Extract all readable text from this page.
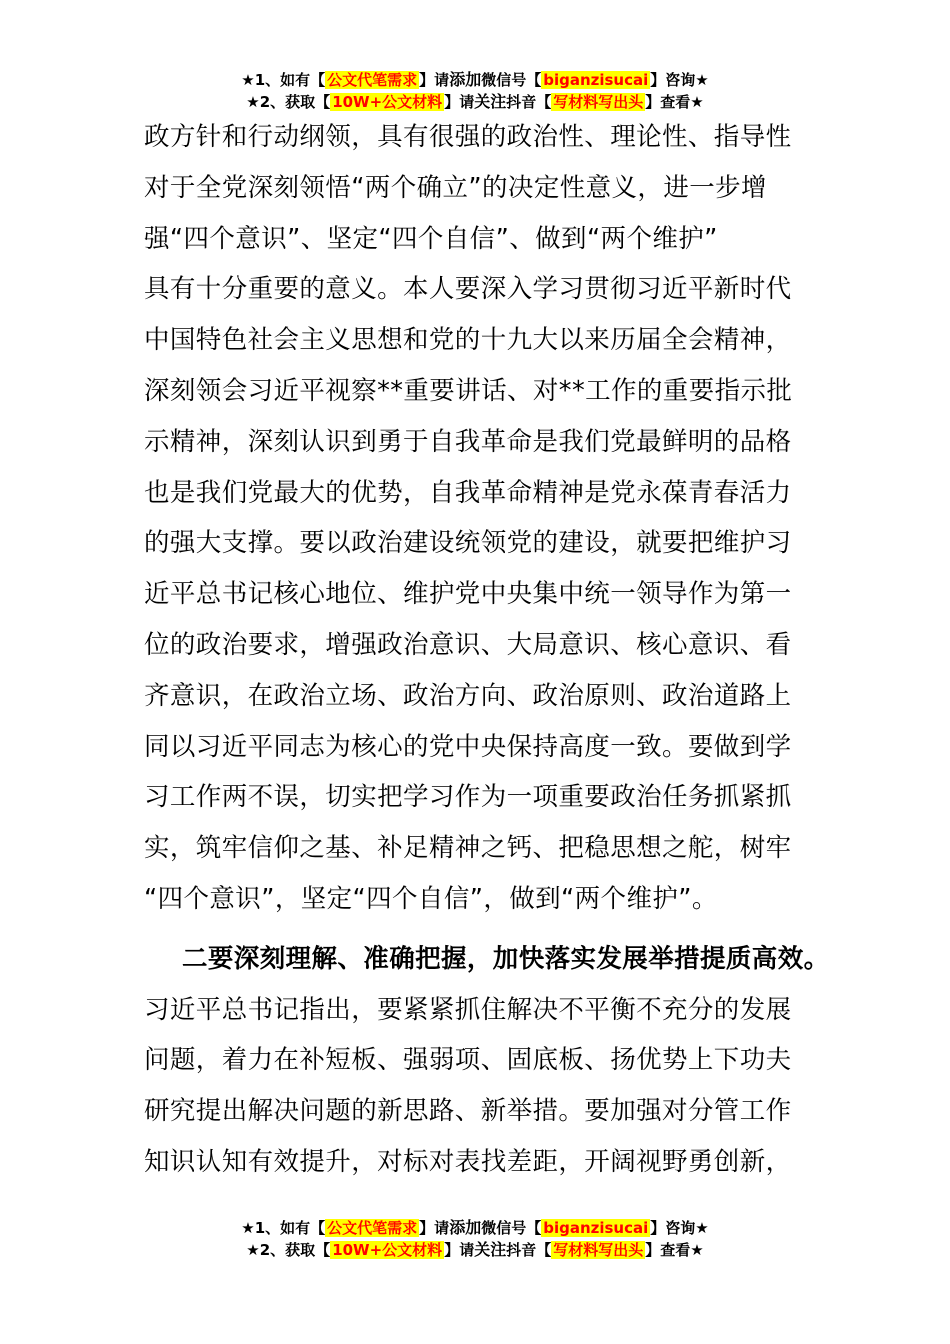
★1、如有【 公文代笔需求 】请添加微信号【 biganzisucai 】咨询★
★2、获取【 10W+公文材料 】请关注抖音【 写材料写出头 】查看★
政方针和行动纲领，具有很强的政治性、理论性、指导性
对于全党深刻领悟“两个确立”的决定性意义，进一步增
强“四个意识”、坚定“四个自信”、做到“两个维护”
具有十分重要的意义。本人要深入学习贯彻习近平新时代
中国特色社会主义思想和党的十九大以来历届全会精神，
深刻领会习近平视察**重要讲话、对**工作的重要指示批
示精神，深刻认识到勇于自我革命是我们党最鲜明的品格
也是我们党最大的优势，自我革命精神是党永葆青春活力
的强大支撑。要以政治建设统领党的建设，就要把维护习
近平总书记核心地位、维护党中央集中统一领导作为第一
位的政治要求，增强政治意识、大局意识、核心意识、看
齐意识，在政治立场、政治方向、政治原则、政治道路上
同以习近平同志为核心的党中央保持高度一致。要做到学
习工作两不误，切实把学习作为一项重要政治任务抓紧抓
实，筑牢信仰之基、补足精神之钙、把稳思想之舵，树牢
“四个意识”，坚定“四个自信”，做到“两个维护”。
二要深刻理解、准确把握，加快落实发展举措提质高效。
习近平总书记指出，要紧紧抓住解决不平衡不充分的发展
问题，着力在补短板、强弱项、固底板、扬优势上下功夫
研究提出解决问题的新思路、新举措。要加强对分管工作
知识认知有效提升，对标对表找差距，开阔视野勇创新，
★1、如有【 公文代笔需求 】请添加微信号【 biganzisucai 】咨询★
★2、获取【 10W+公文材料 】请关注抖音【 写材料写出头 】查看★
